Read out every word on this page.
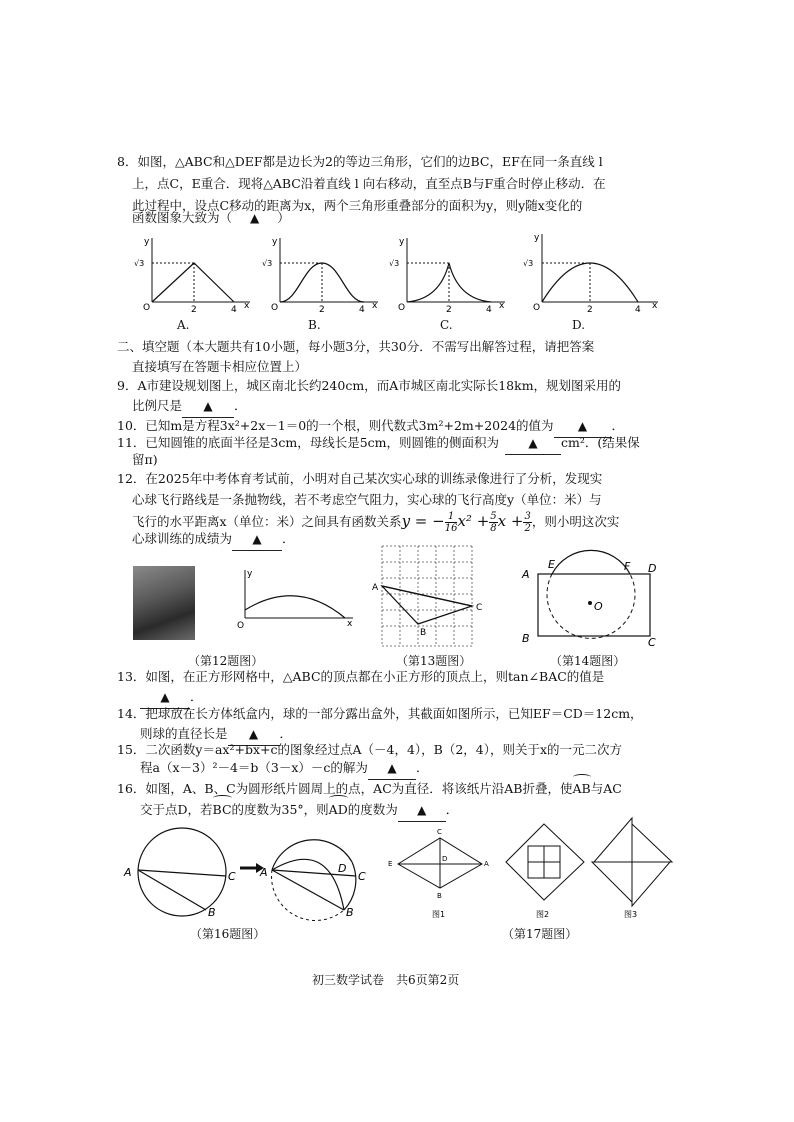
8．如图，△ABC和△DEF都是边长为2的等边三角形，它们的边BC，EF在同一条直线 l
上，点C，E重合．现将△ABC沿着直线 l 向右移动，直至点B与F重合时停止移动．在
此过程中，设点C移动的距离为x，两个三角形重叠部分的面积为y，则y随x变化的
函数图象大致为（ ▲ ）
y
x
O
√3
2	4
A.
y
x
O
√3
2	4
B.
y
x
O
√3
2	4
C.
y
x
O
√3
2	4
D.
二、填空题（本大题共有10小题，每小题3分，共30分．不需写出解答过程，请把答案
直接填写在答题卡相应位置上）
9．A市建设规划图上，城区南北长约240cm，而A市城区南北实际长18km，规划图采用的
比例尺是 ▲ ．
10．已知m是方程3x²+2x－1＝0的一个根，则代数式3m²+2m+2024的值为 ▲ ．
11．已知圆锥的底面半径是3cm，母线长是5cm，则圆锥的侧面积为 ▲ cm²．(结果保
留π)
12．在2025年中考体育考试前，小明对自己某次实心球的训练录像进行了分析，发现实
心球飞行路线是一条抛物线，若不考虑空气阻力，实心球的飞行高度y（单位：米）与
飞行的水平距离x（单位：米）之间具有函数关系y = − $\frac{1}{16} x^2 + \frac{5}{8}$ $x + \frac{3}{2}$ ，则小明这次实
心球训练的成绩为 ▲ ．
y
x
O
（第12题图）
A
B
C
（第13题图）
A
E	F D
B	C
O
（第14题图）
13．如图，在正方形网格中，△ABC的顶点都在小正方形的顶点上，则tan∠BAC的值是
▲ ．
14．把球放在长方体纸盒内，球的一部分露出盒外，其截面如图所示，已知EF＝CD＝12cm，
则球的直径长是 ▲ ．
15．二次函数y＝ax²+bx+c的图象经过点A（－4，4），B（2，4），则关于x的一元二次方
程a（x－3）²－4＝b（3－x）－c的解为 ▲ ．
16．如图，A、B、C为圆形纸片圆周上的点，AC为直径．将该纸片沿AB折叠，使AB与AC
交于点D，若BC的度数为35°，则AD的度数为 ▲ ．
A	C
B
A	D
C
B
（第16题图）
E	A
C
B
D
图1	图2	图3
（第17题图）
初三数学试卷　共6页第2页
